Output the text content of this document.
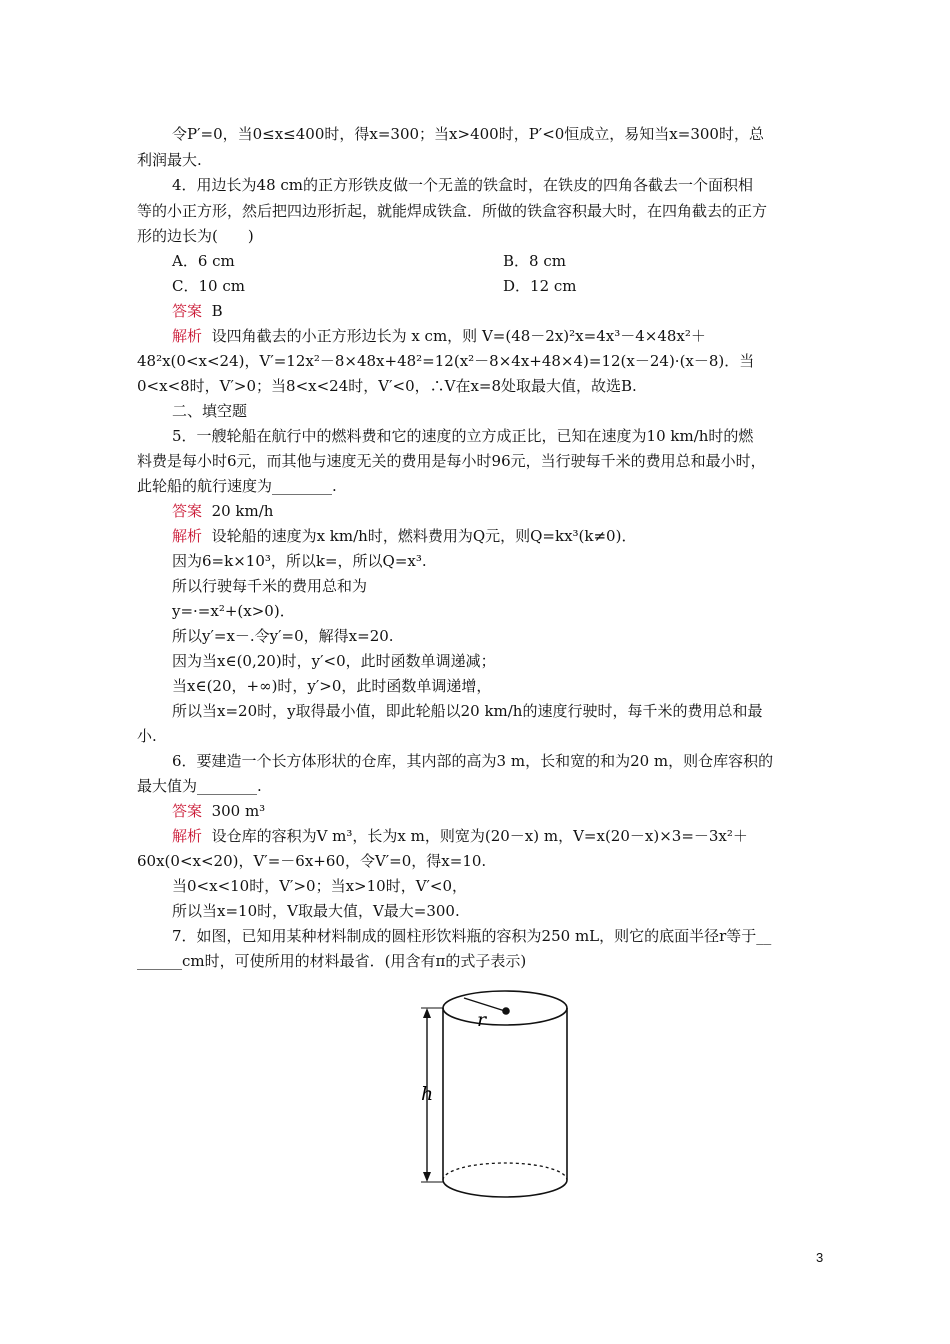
令P′=0，当0≤x≤400时，得x=300；当x>400时，P′<0恒成立，易知当x=300时，总
利润最大.
4．用边长为48 cm的正方形铁皮做一个无盖的铁盒时，在铁皮的四角各截去一个面积相
等的小正方形，然后把四边形折起，就能焊成铁盒．所做的铁盒容积最大时，在四角截去的正方
形的边长为(　　)
A．6 cm	B．8 cm
C．10 cm	D．12 cm
答案 B
解析 设四角截去的小正方形边长为 x cm，则 V=(48－2x)²x=4x³－4×48x²＋
48²x(0<x<24)，V′=12x²－8×48x+48²=12(x²－8×4x+48×4)=12(x－24)·(x－8)．当
0<x<8时，V′>0；当8<x<24时，V′<0，∴V在x=8处取最大值，故选B.
二、填空题
5．一艘轮船在航行中的燃料费和它的速度的立方成正比，已知在速度为10 km/h时的燃
料费是每小时6元，而其他与速度无关的费用是每小时96元，当行驶每千米的费用总和最小时，
此轮船的航行速度为________.
答案 20 km/h
解析 设轮船的速度为x km/h时，燃料费用为Q元，则Q=kx³(k≠0)．
因为6=k×10³，所以k=，所以Q=x³.
所以行驶每千米的费用总和为
y=·=x²+(x>0)．
所以y′=x－.令y′=0，解得x=20.
因为当x∈(0,20)时，y′<0，此时函数单调递减；
当x∈(20，+∞)时，y′>0，此时函数单调递增，
所以当x=20时，y取得最小值，即此轮船以20 km/h的速度行驶时，每千米的费用总和最
小.
6．要建造一个长方体形状的仓库，其内部的高为3 m，长和宽的和为20 m，则仓库容积的
最大值为________.
答案 300 m³
解析 设仓库的容积为V m³，长为x m，则宽为(20－x) m，V=x(20－x)×3=－3x²＋
60x(0<x<20)，V′=－6x+60，令V′=0，得x=10.
当0<x<10时，V′>0；当x>10时，V′<0，
所以当x=10时，V取最大值，V最大=300.
7．如图，已知用某种材料制成的圆柱形饮料瓶的容积为250 mL，则它的底面半径r等于__
______cm时，可使所用的材料最省．(用含有π的式子表示)
r
h
3
